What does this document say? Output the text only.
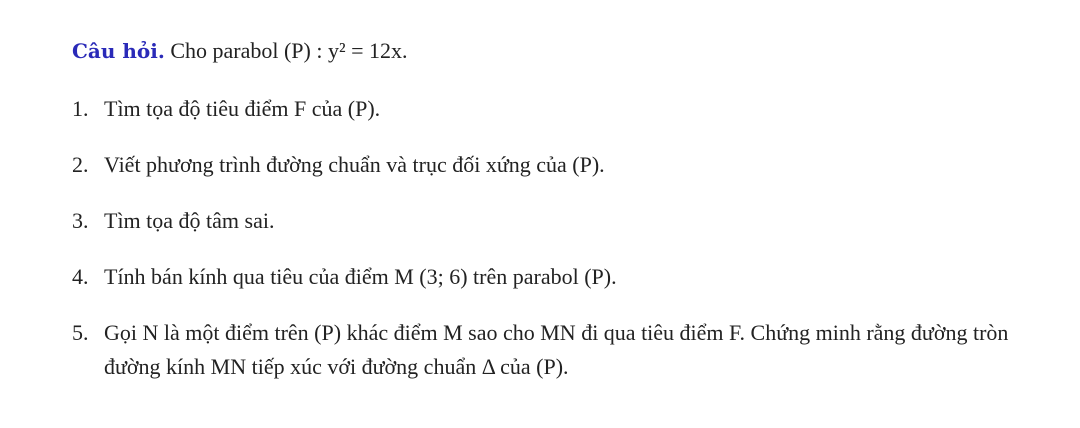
Câu hỏi. Cho parabol (P) : y² = 12x.
1. Tìm tọa độ tiêu điểm F của (P).
2. Viết phương trình đường chuẩn và trục đối xứng của (P).
3. Tìm tọa độ tâm sai.
4. Tính bán kính qua tiêu của điểm M (3; 6) trên parabol (P).
5. Gọi N là một điểm trên (P) khác điểm M sao cho MN đi qua tiêu điểm F. Chứng minh rằng đường tròn đường kính MN tiếp xúc với đường chuẩn Δ của (P).
